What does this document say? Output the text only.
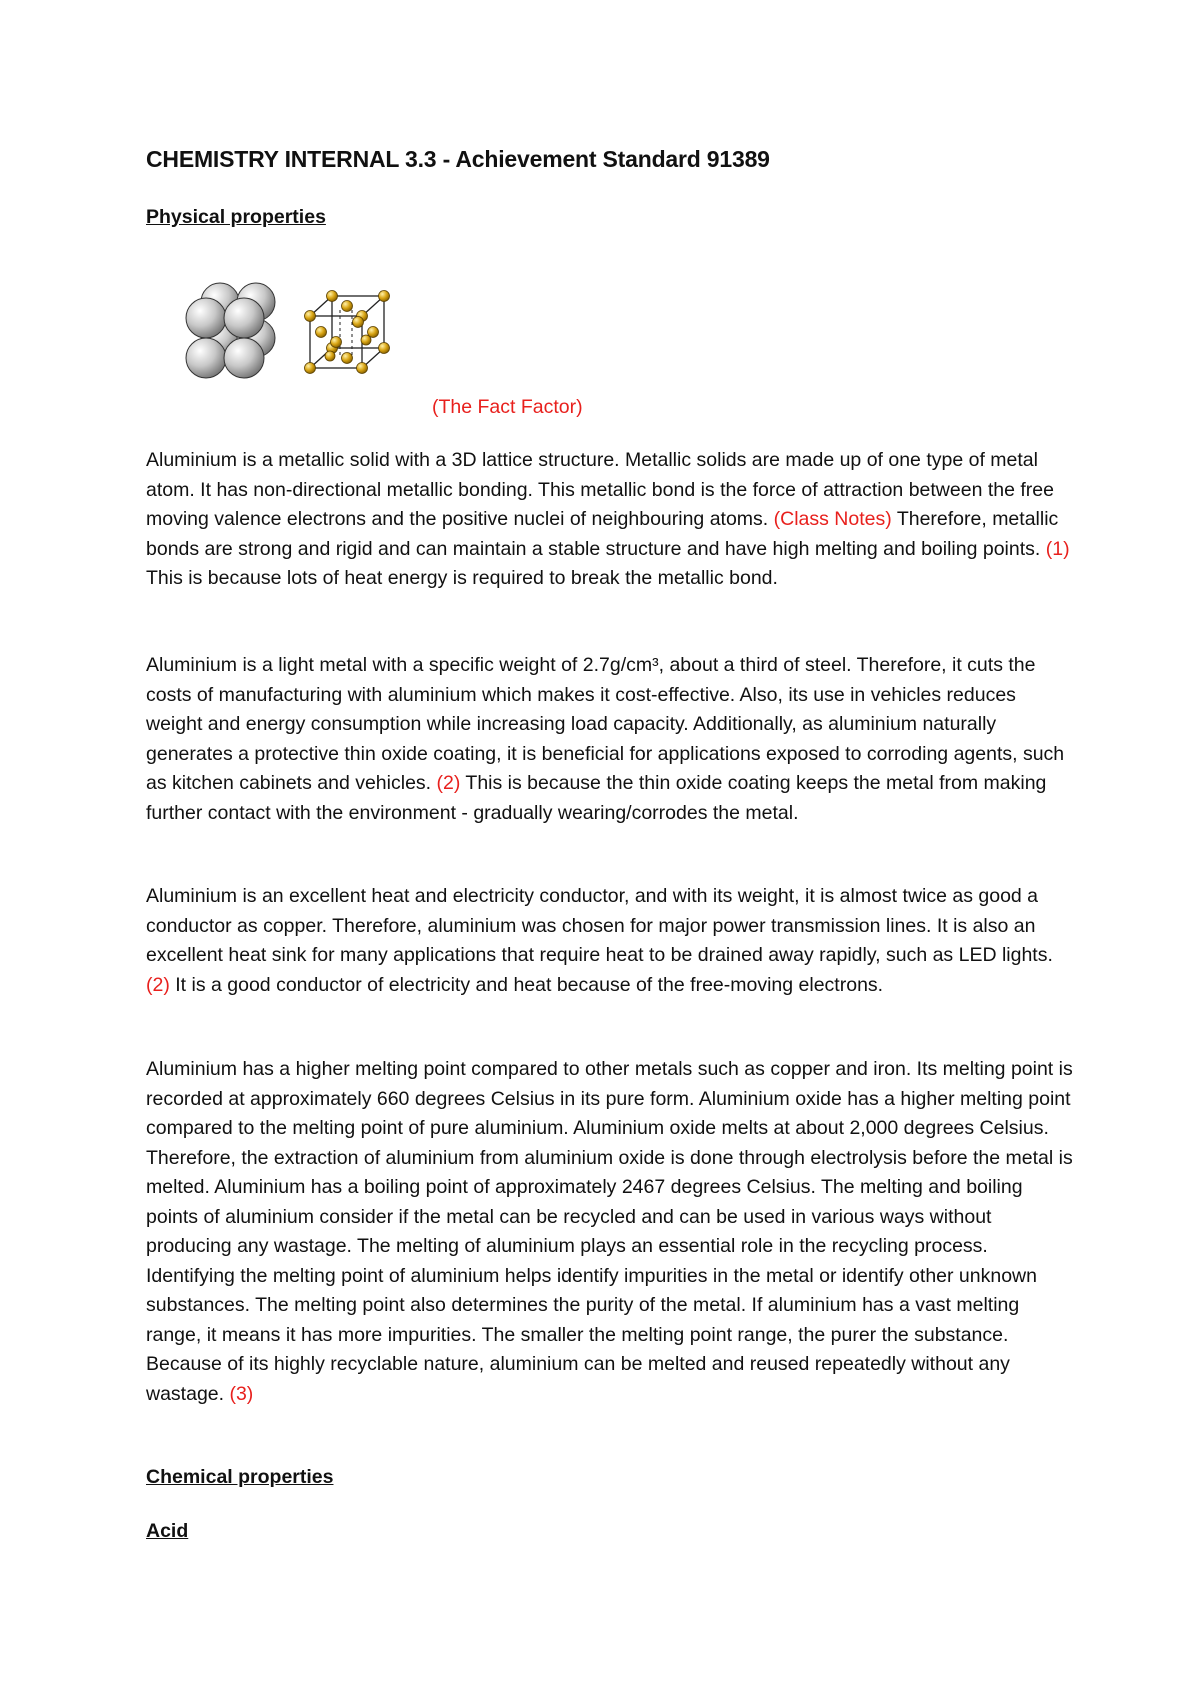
CHEMISTRY INTERNAL 3.3 - Achievement Standard 91389
Physical properties
(The Fact Factor)

Aluminium is a metallic solid with a 3D lattice structure. Metallic solids are made up of one type of metal atom. It has non-directional metallic bonding. This metallic bond is the force of attraction between the free moving valence electrons and the positive nuclei of neighbouring atoms. (Class Notes) Therefore, metallic bonds are strong and rigid and can maintain a stable structure and have high melting and boiling points. (1) This is because lots of heat energy is required to break the metallic bond.

Aluminium is a light metal with a specific weight of 2.7g/cm³, about a third of steel. Therefore, it cuts the costs of manufacturing with aluminium which makes it cost-effective. Also, its use in vehicles reduces weight and energy consumption while increasing load capacity. Additionally, as aluminium naturally generates a protective thin oxide coating, it is beneficial for applications exposed to corroding agents, such as kitchen cabinets and vehicles. (2) This is because the thin oxide coating keeps the metal from making further contact with the environment - gradually wearing/corrodes the metal.

Aluminium is an excellent heat and electricity conductor, and with its weight, it is almost twice as good a conductor as copper. Therefore, aluminium was chosen for major power transmission lines. It is also an excellent heat sink for many applications that require heat to be drained away rapidly, such as LED lights. (2) It is a good conductor of electricity and heat because of the free-moving electrons.

Aluminium has a higher melting point compared to other metals such as copper and iron. Its melting point is recorded at approximately 660 degrees Celsius in its pure form. Aluminium oxide has a higher melting point compared to the melting point of pure aluminium. Aluminium oxide melts at about 2,000 degrees Celsius. Therefore, the extraction of aluminium from aluminium oxide is done through electrolysis before the metal is melted. Aluminium has a boiling point of approximately 2467 degrees Celsius. The melting and boiling points of aluminium consider if the metal can be recycled and can be used in various ways without producing any wastage. The melting of aluminium plays an essential role in the recycling process. Identifying the melting point of aluminium helps identify impurities in the metal or identify other unknown substances. The melting point also determines the purity of the metal. If aluminium has a vast melting range, it means it has more impurities. The smaller the melting point range, the purer the substance. Because of its highly recyclable nature, aluminium can be melted and reused repeatedly without any wastage. (3)

Chemical properties
Acid
